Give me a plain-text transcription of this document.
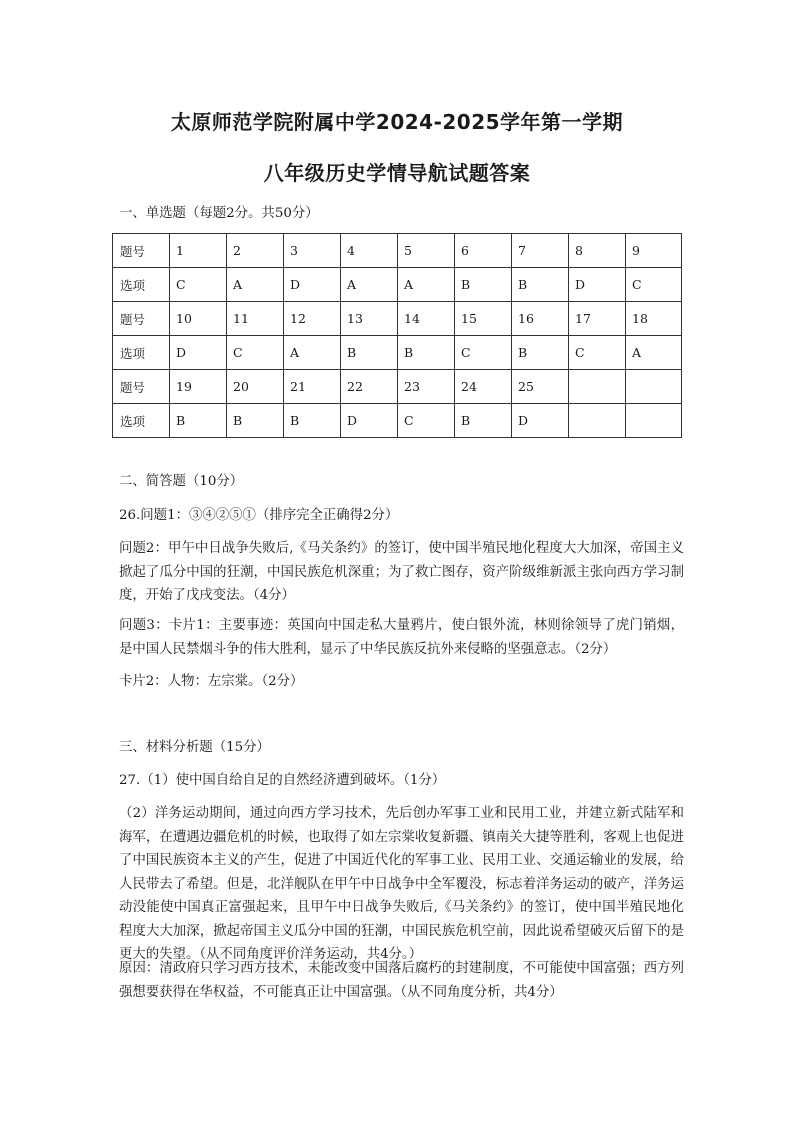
太原师范学院附属中学2024-2025学年第一学期
八年级历史学情导航试题答案
一、单选题（每题2分。共50分）
题号	1	2	3	4	5	6	7	8	9
选项	C	A	D	A	A	B	B	D	C
题号	10	11	12	13	14	15	16	17	18
选项	D	C	A	B	B	C	B	C	A
题号	19	20	21	22	23	24	25		
选项	B	B	B	D	C	B	D		
二、简答题（10分）
26.问题1：③④②⑤①（排序完全正确得2分）
问题2：甲午中日战争失败后,《马关条约》的签订，使中国半殖民地化程度大大加深，帝国主义掀起了瓜分中国的狂潮，中国民族危机深重；为了救亡图存，资产阶级维新派主张向西方学习制度，开始了戊戌变法。（4分）
问题3：卡片1：主要事迹：英国向中国走私大量鸦片，使白银外流，林则徐领导了虎门销烟，是中国人民禁烟斗争的伟大胜利，显示了中华民族反抗外来侵略的坚强意志。（2分）
卡片2：人物：左宗棠。（2分）
三、材料分析题（15分）
27.（1）使中国自给自足的自然经济遭到破坏。（1分）
（2）洋务运动期间，通过向西方学习技术，先后创办军事工业和民用工业，并建立新式陆军和海军，在遭遇边疆危机的时候，也取得了如左宗棠收复新疆、镇南关大捷等胜利，客观上也促进了中国民族资本主义的产生，促进了中国近代化的军事工业、民用工业、交通运输业的发展，给人民带去了希望。但是，北洋舰队在甲午中日战争中全军覆没，标志着洋务运动的破产，洋务运动没能使中国真正富强起来，且甲午中日战争失败后,《马关条约》的签订，使中国半殖民地化程度大大加深，掀起帝国主义瓜分中国的狂潮，中国民族危机空前，因此说希望破灭后留下的是更大的失望。（从不同角度评价洋务运动，共4分。）
原因：清政府只学习西方技术，未能改变中国落后腐朽的封建制度，不可能使中国富强；西方列强想要获得在华权益，不可能真正让中国富强。（从不同角度分析，共4分）
